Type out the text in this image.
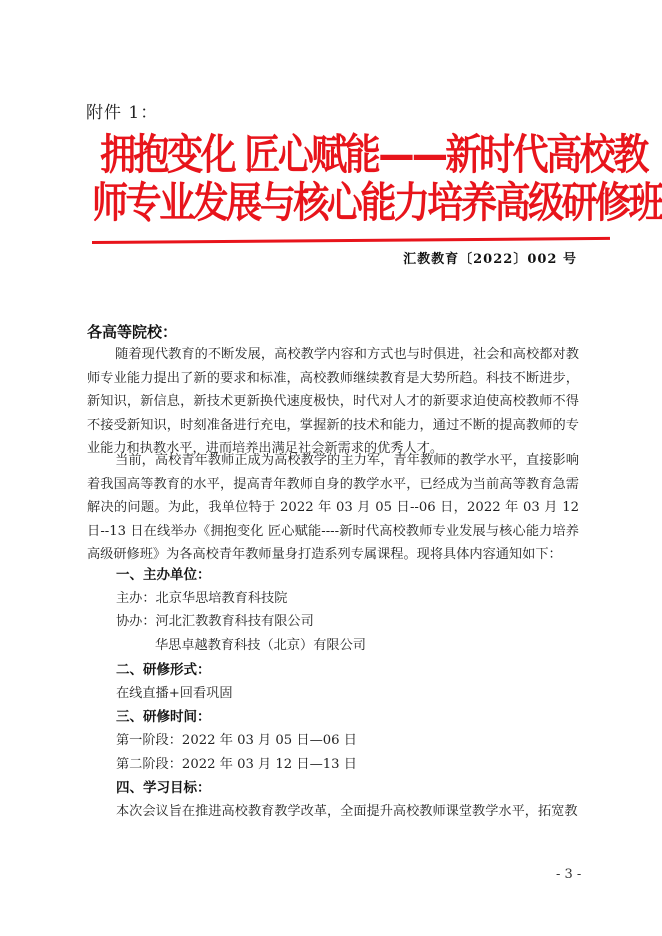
附件 1：
拥抱变化 匠心赋能——新时代高校教
师专业发展与核心能力培养高级研修班
汇教教育〔2022〕002 号
各高等院校：
随着现代教育的不断发展，高校教学内容和方式也与时俱进，社会和高校都对教师专业能力提出了新的要求和标准，高校教师继续教育是大势所趋。科技不断进步，新知识，新信息，新技术更新换代速度极快，时代对人才的新要求迫使高校教师不得不接受新知识，时刻准备进行充电，掌握新的技术和能力，通过不断的提高教师的专业能力和执教水平，进而培养出满足社会新需求的优秀人才。
当前，高校青年教师正成为高校教学的主力军，青年教师的教学水平，直接影响着我国高等教育的水平，提高青年教师自身的教学水平，已经成为当前高等教育急需解决的问题。为此，我单位特于 2022 年 03 月 05 日--06 日，2022 年 03 月 12 日--13 日在线举办《拥抱变化 匠心赋能----新时代高校教师专业发展与核心能力培养高级研修班》为各高校青年教师量身打造系列专属课程。现将具体内容通知如下：
一、主办单位：
主办：北京华思培教育科技院
协办：河北汇教教育科技有限公司
华思卓越教育科技（北京）有限公司
二、研修形式：
在线直播+回看巩固
三、研修时间：
第一阶段：2022 年 03 月 05 日—06 日
第二阶段：2022 年 03 月 12 日—13 日
四、学习目标：
本次会议旨在推进高校教育教学改革，全面提升高校教师课堂教学水平，拓宽教
- 3 -
